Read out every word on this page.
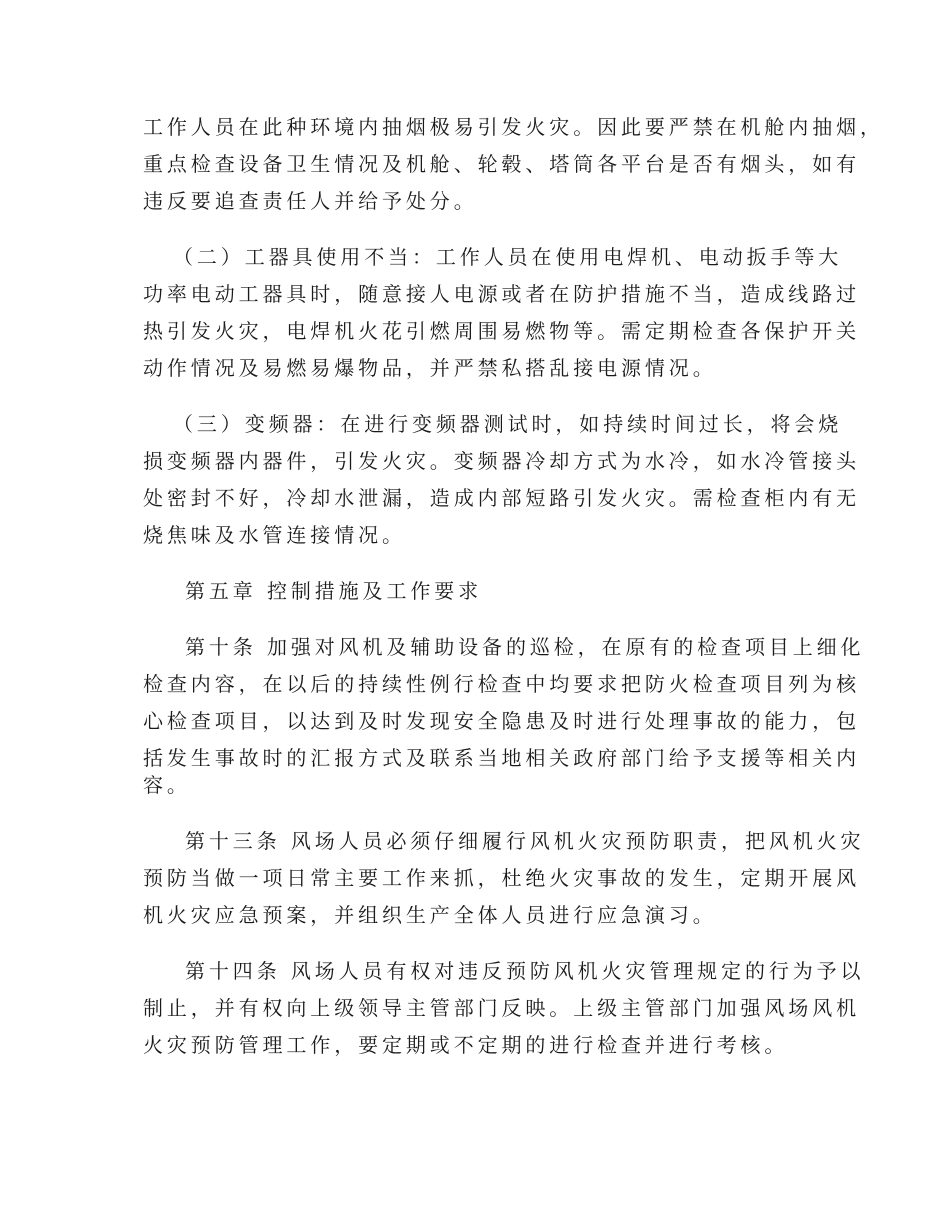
工作人员在此种环境内抽烟极易引发火灾。因此要严禁在机舱内抽烟，
重点检查设备卫生情况及机舱、轮毂、塔筒各平台是否有烟头，如有
违反要追查责任人并给予处分。
（二）工器具使用不当：工作人员在使用电焊机、电动扳手等大
功率电动工器具时，随意接人电源或者在防护措施不当，造成线路过
热引发火灾，电焊机火花引燃周围易燃物等。需定期检查各保护开关
动作情况及易燃易爆物品，并严禁私搭乱接电源情况。
（三）变频器：在进行变频器测试时，如持续时间过长，将会烧
损变频器内器件，引发火灾。变频器冷却方式为水冷，如水冷管接头
处密封不好，冷却水泄漏，造成内部短路引发火灾。需检查柜内有无
烧焦味及水管连接情况。
第五章 控制措施及工作要求
第十条 加强对风机及辅助设备的巡检，在原有的检查项目上细化
检查内容，在以后的持续性例行检查中均要求把防火检查项目列为核
心检查项目，以达到及时发现安全隐患及时进行处理事故的能力，包
括发生事故时的汇报方式及联系当地相关政府部门给予支援等相关内
容。
第十三条 风场人员必须仔细履行风机火灾预防职责，把风机火灾
预防当做一项日常主要工作来抓，杜绝火灾事故的发生，定期开展风
机火灾应急预案，并组织生产全体人员进行应急演习。
第十四条 风场人员有权对违反预防风机火灾管理规定的行为予以
制止，并有权向上级领导主管部门反映。上级主管部门加强风场风机
火灾预防管理工作，要定期或不定期的进行检查并进行考核。
